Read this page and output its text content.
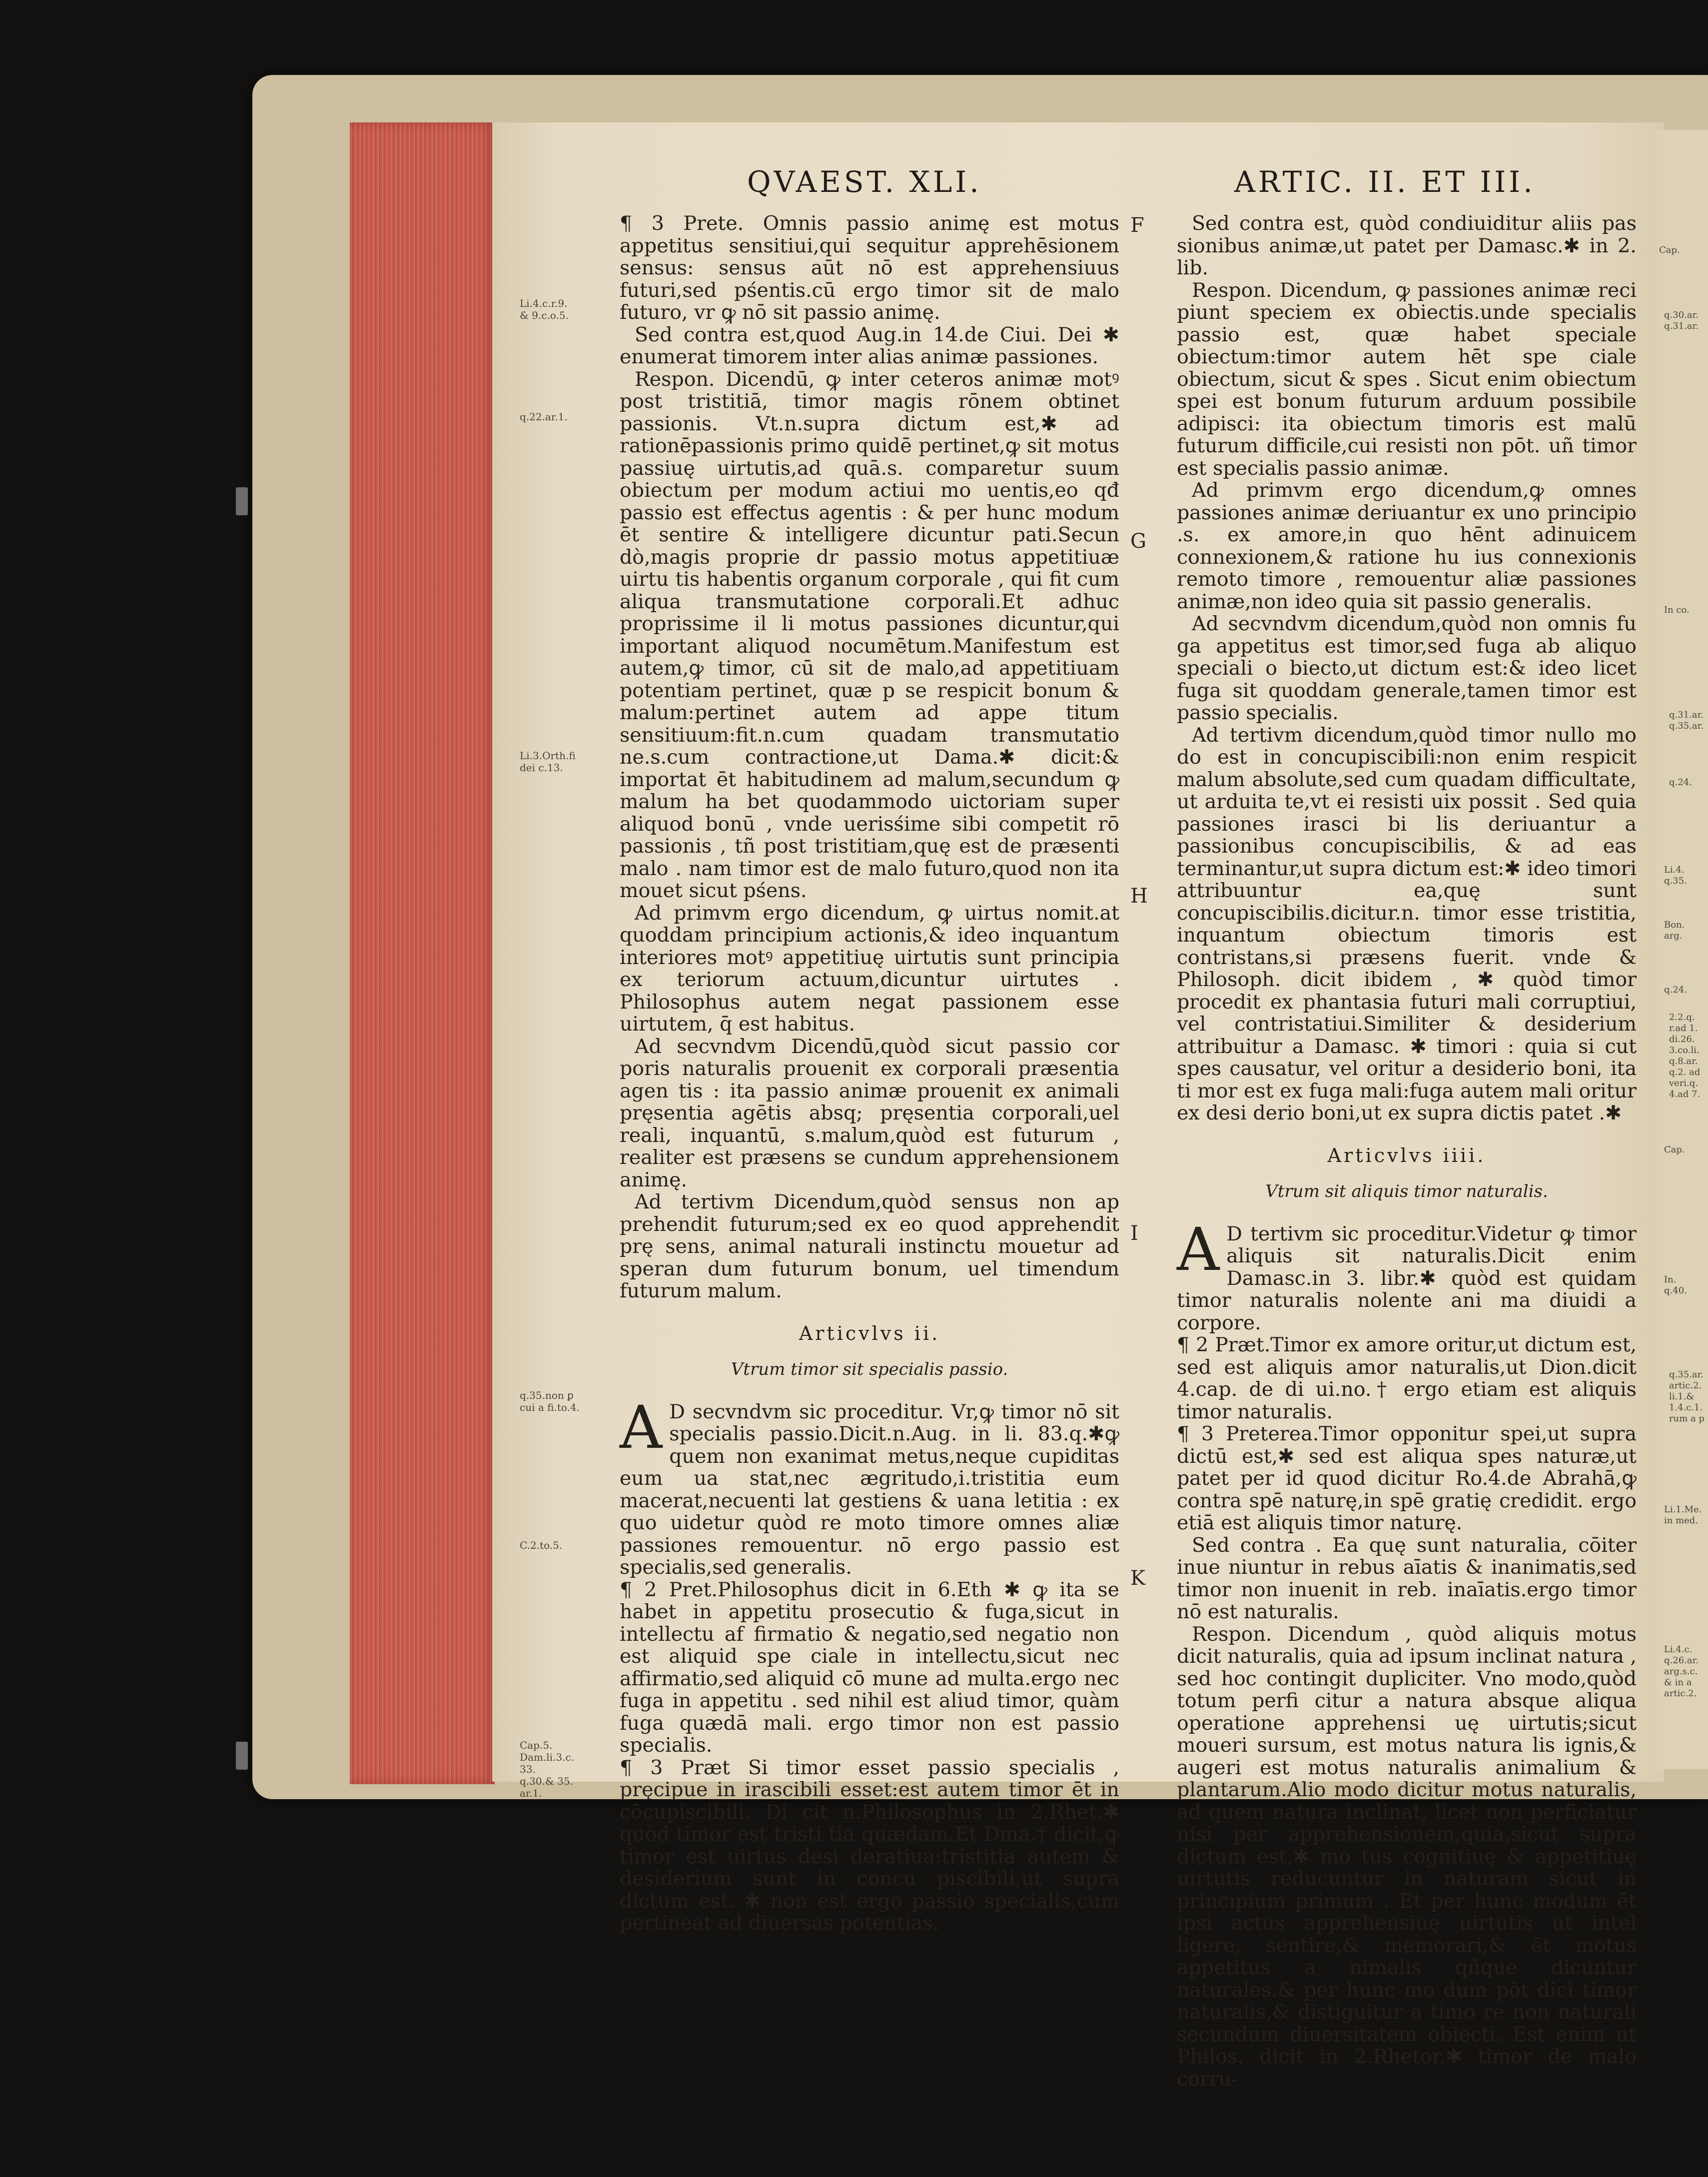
QVAEST. XLI.	ARTIC. II. ET III.

¶ 3 Prete. Omnis passio animę est motus appetitus sensitiui,qui sequitur apprehēsionem sensus: sensus aūt nō est apprehensiuus futuri,sed pśentis.cū ergo timor sit de malo futuro, vr ꝙ nō sit passio animę.

Sed contra est,quod Aug.in 14.de Ciui. Dei ✱ enumerat timorem inter alias animæ passiones.

Respon. Dicendū, ꝙ inter ceteros animæ motꝰ post tristitiā, timor magis rōnem obtinet passionis. Vt.n.supra dictum est,✱ ad rationēpassionis primo quidē pertinet,ꝙ sit motus passiuę uirtutis,ad quā.s. comparetur suum obiectum per modum actiui mo uentis,eo qđ passio est effectus agentis : & per hunc modum ēt sentire & intelligere dicuntur pati.Secun dò,magis proprie dr passio motus appetitiuæ uirtu tis habentis organum corporale , qui fit cum aliqua transmutatione corporali.Et adhuc proprissime il li motus passiones dicuntur,qui important aliquod nocumētum.Manifestum est autem,ꝙ timor, cū sit de malo,ad appetitiuam potentiam pertinet, quæ p se respicit bonum & malum:pertinet autem ad appe titum sensitiuum:fit.n.cum quadam transmutatio ne.s.cum contractione,ut Dama.✱ dicit:& importat ēt habitudinem ad malum,secundum ꝙ malum ha bet quodammodo uictoriam super aliquod bonū , vnde uerisśime sibi competit rō passionis , tñ post tristitiam,quę est de præsenti malo . nam timor est de malo futuro,quod non ita mouet sicut pśens.

Ad primvm ergo dicendum, ꝙ uirtus nomit.at quoddam principium actionis,& ideo inquantum interiores motꝰ appetitiuę uirtutis sunt principia ex teriorum actuum,dicuntur uirtutes . Philosophus autem negat passionem esse uirtutem, q̄ est habitus.

Ad secvndvm Dicendū,quòd sicut passio cor poris naturalis prouenit ex corporali præsentia agen tis : ita passio animæ prouenit ex animali pręsentia agētis absq; pręsentia corporali,uel reali, inquantū, s.malum,quòd est futurum , realiter est præsens se cundum apprehensionem animę.

Ad tertivm Dicendum,quòd sensus non ap prehendit futurum;sed ex eo quod apprehendit prę sens, animal naturali instinctu mouetur ad speran dum futurum bonum, uel timendum futurum malum.

Articvlvs ii.

Vtrum timor sit specialis passio.

A D secvndvm sic proceditur. Vr,ꝙ timor nō sit specialis passio.Dicit.n.Aug. in li. 83.q.✱ꝙ quem non exanimat metus,neque cupiditas eum ua stat,nec ægritudo,i.tristitia eum macerat,necuenti lat gestiens & uana letitia : ex quo uidetur quòd re moto timore omnes aliæ passiones remouentur. nō ergo passio est specialis,sed generalis.

¶ 2 Pret.Philosophus dicit in 6.Eth ✱ ꝙ ita se habet in appetitu prosecutio & fuga,sicut in intellectu af firmatio & negatio,sed negatio non est aliquid spe ciale in intellectu,sicut nec affirmatio,sed aliquid cō mune ad multa.ergo nec fuga in appetitu . sed nihil est aliud timor, quàm fuga quædā mali. ergo timor non est passio specialis.

¶ 3 Præt Si timor esset passio specialis , pręcipue in irascibili esset:est autem timor ēt in cōcupiscibili. Di cit n.Philosophus in 2.Rhet.✱ quòd timor est tristi tia quædam.Et Dma.† dicit,ꝙ timor est uirtus desi deratiua:tristitia autem & desiderium sunt in concu piscibili,ut supra dictum est. ✱ non est ergo passio specialis,cum pertineat ad diuersas potentias.

Sed contra est, quòd condiuiditur aliis pas sionibus animæ,ut patet per Damasc.✱ in 2. lib.

Respon. Dicendum, ꝙ passiones animæ reci piunt speciem ex obiectis.unde specialis passio est, quæ habet speciale obiectum:timor autem hēt spe ciale obiectum, sicut & spes . Sicut enim obiectum spei est bonum futurum arduum possibile adipisci: ita obiectum timoris est malū futurum difficile,cui resisti non pōt. uñ timor est specialis passio animæ.

Ad primvm ergo dicendum,ꝙ omnes passiones animæ deriuantur ex uno principio .s. ex amore,in quo hēnt adinuicem connexionem,& ratione hu ius connexionis remoto timore , remouentur aliæ passiones animæ,non ideo quia sit passio generalis.

Ad secvndvm dicendum,quòd non omnis fu ga appetitus est timor,sed fuga ab aliquo speciali o biecto,ut dictum est:& ideo licet fuga sit quoddam generale,tamen timor est passio specialis.

Ad tertivm dicendum,quòd timor nullo mo do est in concupiscibili:non enim respicit malum absolute,sed cum quadam difficultate, ut arduita te,vt ei resisti uix possit . Sed quia passiones irasci bi lis deriuantur a passionibus concupiscibilis, & ad eas terminantur,ut supra dictum est:✱ ideo timori attribuuntur ea,quę sunt concupiscibilis.dicitur.n. timor esse tristitia, inquantum obiectum timoris est contristans,si præsens fuerit. vnde & Philosoph. dicit ibidem , ✱ quòd timor procedit ex phantasia futuri mali corruptiui, vel contristatiui.Similiter & desiderium attribuitur a Damasc. ✱ timori : quia si cut spes causatur, vel oritur a desiderio boni, ita ti mor est ex fuga mali:fuga autem mali oritur ex desi derio boni,ut ex supra dictis patet .✱

Articvlvs iiii.

Vtrum sit aliquis timor naturalis.

A D tertivm sic proceditur.Videtur ꝙ timor aliquis sit naturalis.Dicit enim Damasc.in 3. libr.✱ quòd est quidam timor naturalis nolente ani ma diuidi a corpore.

¶ 2 Præt.Timor ex amore oritur,ut dictum est, sed est aliquis amor naturalis,ut Dion.dicit 4.cap. de di ui.no.† ergo etiam est aliquis timor naturalis.

¶ 3 Preterea.Timor opponitur spei,ut supra dictū est,✱ sed est aliqua spes naturæ,ut patet per id quod dicitur Ro.4.de Abrahā,ꝙ contra spē naturę,in spē gratię credidit. ergo etiā est aliquis timor naturę.

Sed contra . Ea quę sunt naturalia, cōiter inue niuntur in rebus aīatis & inanimatis,sed timor non inuenit in reb. inaīatis.ergo timor nō est naturalis.

Respon. Dicendum , quòd aliquis motus dicit naturalis, quia ad ipsum inclinat natura , sed hoc contingit dupliciter. Vno modo,quòd totum perfi citur a natura absque aliqua operatione apprehensi uę uirtutis;sicut moueri sursum, est motus natura lis ignis,& augeri est motus naturalis animalium & plantarum.Alio modo dicitur motus naturalis, ad quem natura inclinat, licet non perficiatur nisi per apprehensionem,quia,sicut supra dictum est,✱ mo tus cognitiuę & appetitiuę uirtutis reducuntur in naturam sicut in principium primum . Et per hunc modum ēt ipsi actus apprehensiuę uirtutis ut intel ligere, sentire,& memorari,& ēt motus appetitus a nimalis qñque dicuntur naturales.& per hunc mo dum pōt dici timor naturalis,& distiguitur a timo re non naturali secundum diuersitatem obiecti. Est enim ut Philos. dicit in 2.Rhetor.✱ timor de malo corru-

Li.4.c.r.9.
& 9.c.o.5.
q.22.ar.1.
Li.3.Orth.fi
dei c.13.
q.35.non ꝑ
cui a fi.to.4.
C.2.to.5.
Cap.5.
Dam.li.3.c.
33.
q.30.& 35.
ar.1.
F
G
H
I
K
Cap.
q.30.ar.
q.31.ar.
In co.
q.31.ar.
q.35.ar.
q.24.
Li.4.
q.35.
Bon.
arg.
q.24.
2.2.q.
r.ad 1.
di.26.
3.co.li.
q.8.ar.
q.2. ad
veri.q.
4.ad 7.
Cap.
In.
q.40.
q.35.ar.
artic.2.
li.1.&
1.4.c.1.
rum a p
Li.1.Me.
in med.
Li.4.c.
q.26.ar.
arg.s.c.
& in a
artic.2.
